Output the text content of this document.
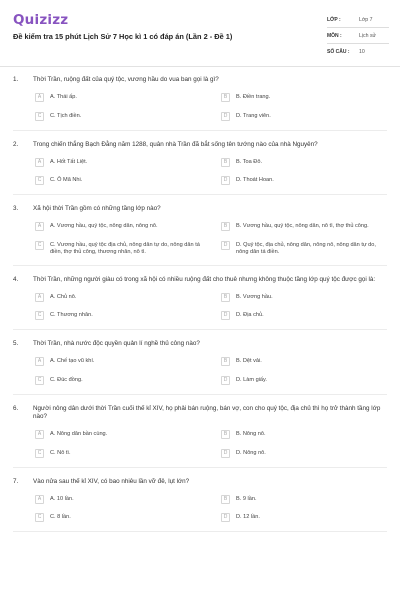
Quizizz
Đề kiểm tra 15 phút Lịch Sử 7 Học kì 1 có đáp án (Lần 2 - Đề 1)
LỚP :	Lớp 7
MÔN :	Lịch sử
SỐ CÂU :	10
1.	Thời Trần, ruộng đất của quý tộc, vương hầu do vua ban gọi là gì?
A	A. Thái ấp.	B	B. Điền trang.
C	C. Tịch điền.	D	D. Trang viên.
2.	Trong chiến thắng Bạch Đằng năm 1288, quân nhà Trần đã bắt sống tên tướng nào của nhà Nguyên?
A	A. Hốt Tất Liệt.	B	B. Toa Đô.
C	C. Ô Mã Nhi.	D	D. Thoát Hoan.
3.	Xã hội thời Trần gồm có những tầng lớp nào?
A	A. Vương hầu, quý tộc, nông dân, nông nô.	B	B. Vương hầu, quý tộc, nông dân, nô tì, thợ thủ công.
C	C. Vương hầu, quý tộc địa chủ, nông dân tự do, nông dân tá điền, thợ thủ công, thương nhân, nô tì.
D	D. Quý tộc, địa chủ, nông dân, nông nô, nông dân tự do, nông dân tá điền.
4.	Thời Trần, những người giàu có trong xã hội có nhiều ruộng đất cho thuê nhưng không thuộc tầng lớp quý tộc được gọi là:
A	A. Chủ nô.	B	B. Vương hầu.
C	C. Thương nhân.	D	D. Địa chủ.
5.	Thời Trần, nhà nước độc quyền quản lí nghề thủ công nào?
A	A. Chế tạo vũ khí.	B	B. Dệt vải.
C	C. Đúc đồng.	D	D. Làm giấy.
6.	Người nông dân dưới thời Trần cuối thế kỉ XIV, họ phải bán ruộng, bán vợ, con cho quý tộc, địa chủ thì họ trở thành tầng lớp nào?
A	A. Nông dân bần cùng.	B	B. Nông nô.
C	C. Nô tì.	D	D. Nông nô.
7.	Vào nửa sau thế kỉ XIV, có bao nhiêu lần vỡ đê, lụt lớn?
A	A. 10 lần.	B	B. 9 lần.
C	C. 8 lần.	D	D. 12 lần.
